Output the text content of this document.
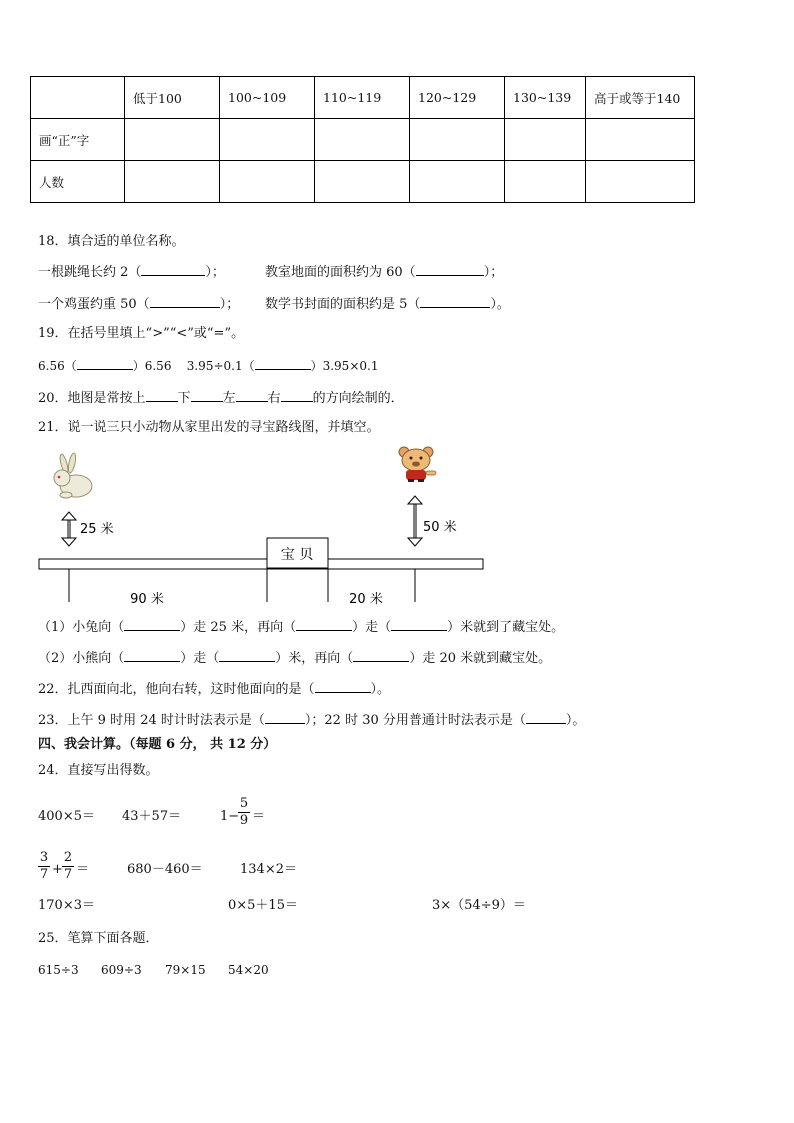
	低于100	100~109	110~119	120~129	130~139	高于或等于140
画“正”字						
人数						
18．填合适的单位名称。
一根跳绳长约 2（	）；	教室地面的面积约为 60（	）；
一个鸡蛋约重 50（	）； 数学书封面的面积约是 5（	）。
19．在括号里填上“>”“<”或“=”。
6.56（	）6.56 3.95÷0.1（	）3.95×0.1
20．地图是常按上 下 左 右 的方向绘制的．
21．说一说三只小动物从家里出发的寻宝路线图，并填空。
25 米	50 米
宝 贝
90 米	20 米
（1）小兔向（	）走 25 米，再向（	）走（	）米就到了藏宝处。
（2）小熊向（	）走（	）米，再向（	）走 20 米就到藏宝处。
22．扎西面向北，他向右转，这时他面向的是（	）。
23．上午 9 时用 24 时计时法表示是（	）；22 时 30 分用普通计时法表示是（	）。
四、我会计算。（每题 6 分， 共 12 分）
24．直接写出得数。
400×5＝ 43＋57＝	1−
5
9 ＝
3
7 +
2
7 ＝	680－460＝	134×2＝
170×3＝	0×5＋15＝	3×（54÷9）＝
25．笔算下面各题．
615÷3 609÷3 79×15 54×20
